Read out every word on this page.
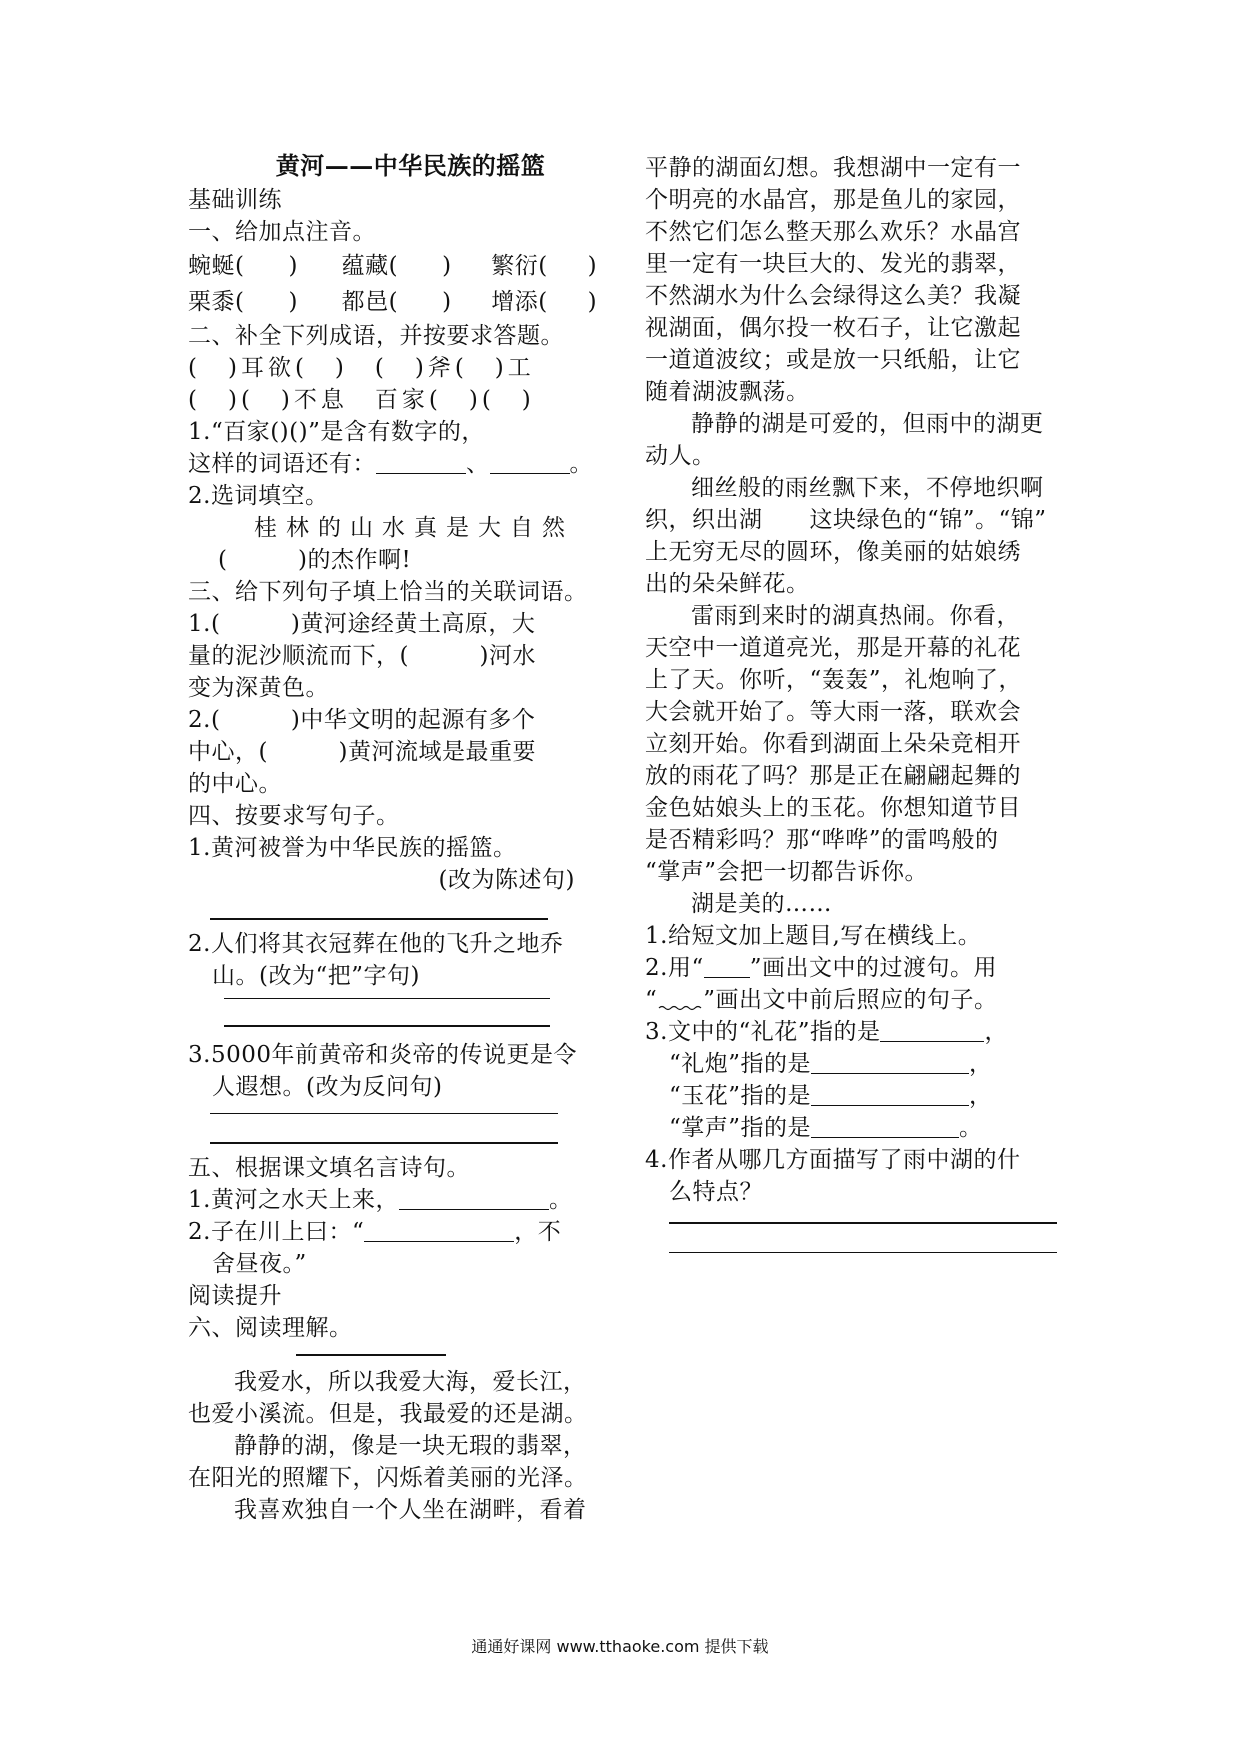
黄河——中华民族的摇篮
基础训练
一、给加点注音。
蜿蜒( ) 蕴藏( ) 繁衍( )
栗黍( ) 都邑( ) 增添( )
二、补全下列成语，并按要求答题。
(　)耳欲(　)　(　)斧(　)工
(　)(　)不息　百家(　)(　)
1.“百家()()”是含有数字的，
这样的词语还有：	、	。
2.选词填空。
桂林的山水真是大自然
(　　　)的杰作啊!
三、给下列句子填上恰当的关联词语。
1.(　　　)黄河途经黄土高原，大
量的泥沙顺流而下，(　　　)河水
变为深黄色。
2.(　　　)中华文明的起源有多个
中心，(　　　)黄河流域是最重要
的中心。
四、按要求写句子。
1.黄河被誉为中华民族的摇篮。
(改为陈述句)
2.人们将其衣冠葬在他的飞升之地乔
山。(改为“把”字句)
3.5000年前黄帝和炎帝的传说更是令
人遐想。(改为反问句)
五、根据课文填名言诗句。
1.黄河之水天上来，	。
2.子在川上曰：“	，不
舍昼夜。”
阅读提升
六、阅读理解。
我爱水，所以我爱大海，爱长江，
也爱小溪流。但是，我最爱的还是湖。
静静的湖，像是一块无瑕的翡翠，
在阳光的照耀下，闪烁着美丽的光泽。
我喜欢独自一个人坐在湖畔，看着
平静的湖面幻想。我想湖中一定有一
个明亮的水晶宫，那是鱼儿的家园，
不然它们怎么整天那么欢乐？水晶宫
里一定有一块巨大的、发光的翡翠，
不然湖水为什么会绿得这么美？我凝
视湖面，偶尔投一枚石子，让它激起
一道道波纹；或是放一只纸船，让它
随着湖波飘荡。
静静的湖是可爱的，但雨中的湖更
动人。
细丝般的雨丝飘下来，不停地织啊
织，织出湖　　这块绿色的“锦”。“锦”
上无穷无尽的圆环，像美丽的姑娘绣
出的朵朵鲜花。
雷雨到来时的湖真热闹。你看，
天空中一道道亮光，那是开幕的礼花
上了天。你听，“轰轰”，礼炮响了，
大会就开始了。等大雨一落，联欢会
立刻开始。你看到湖面上朵朵竞相开
放的雨花了吗？那是正在翩翩起舞的
金色姑娘头上的玉花。你想知道节目
是否精彩吗？那“哗哗”的雷鸣般的
“掌声”会把一切都告诉你。
湖是美的……
1.给短文加上题目,写在横线上。
2.用“ ”画出文中的过渡句。用
“ ”画出文中前后照应的句子。
3.文中的“礼花”指的是	，
“礼炮”指的是	，
“玉花”指的是	，
“掌声”指的是	。
4.作者从哪几方面描写了雨中湖的什
么特点？
通通好课网 www.tthaoke.com 提供下载
